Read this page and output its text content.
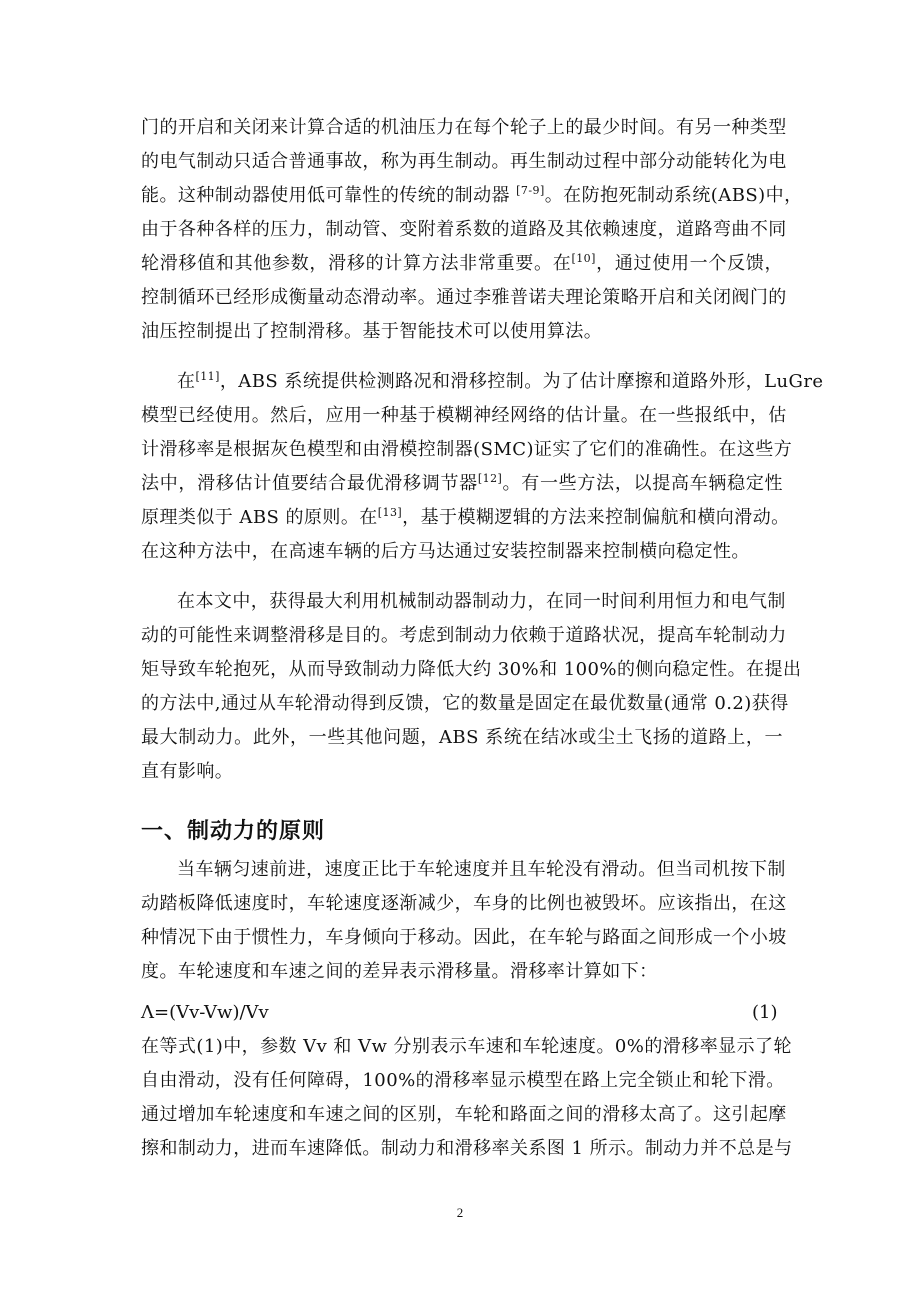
门的开启和关闭来计算合适的机油压力在每个轮子上的最少时间。有另一种类型
的电气制动只适合普通事故，称为再生制动。再生制动过程中部分动能转化为电
能。这种制动器使用低可靠性的传统的制动器 [7-9]。在防抱死制动系统(ABS)中，
由于各种各样的压力，制动管、变附着系数的道路及其依赖速度，道路弯曲不同
轮滑移值和其他参数，滑移的计算方法非常重要。在[10]，通过使用一个反馈，
控制循环已经形成衡量动态滑动率。通过李雅普诺夫理论策略开启和关闭阀门的
油压控制提出了控制滑移。基于智能技术可以使用算法。
在[11]，ABS 系统提供检测路况和滑移控制。为了估计摩擦和道路外形，LuGre
模型已经使用。然后，应用一种基于模糊神经网络的估计量。在一些报纸中，估
计滑移率是根据灰色模型和由滑模控制器(SMC)证实了它们的准确性。在这些方
法中，滑移估计值要结合最优滑移调节器[12]。有一些方法，以提高车辆稳定性
原理类似于 ABS 的原则。在[13]，基于模糊逻辑的方法来控制偏航和横向滑动。
在这种方法中，在高速车辆的后方马达通过安装控制器来控制横向稳定性。
在本文中，获得最大利用机械制动器制动力，在同一时间利用恒力和电气制
动的可能性来调整滑移是目的。考虑到制动力依赖于道路状况，提高车轮制动力
矩导致车轮抱死，从而导致制动力降低大约 30%和 100%的侧向稳定性。在提出
的方法中,通过从车轮滑动得到反馈，它的数量是固定在最优数量(通常 0.2)获得
最大制动力。此外，一些其他问题，ABS 系统在结冰或尘土飞扬的道路上，一
直有影响。
一、制动力的原则
当车辆匀速前进，速度正比于车轮速度并且车轮没有滑动。但当司机按下制
动踏板降低速度时，车轮速度逐渐减少，车身的比例也被毁坏。应该指出，在这
种情况下由于惯性力，车身倾向于移动。因此，在车轮与路面之间形成一个小坡
度。车轮速度和车速之间的差异表示滑移量。滑移率计算如下：
Λ=(Vv-Vw)/Vv	(1)
在等式(1)中，参数 Vv 和 Vw 分别表示车速和车轮速度。0%的滑移率显示了轮
自由滑动，没有任何障碍，100%的滑移率显示模型在路上完全锁止和轮下滑。
通过增加车轮速度和车速之间的区别，车轮和路面之间的滑移太高了。这引起摩
擦和制动力，进而车速降低。制动力和滑移率关系图 1 所示。制动力并不总是与
2
